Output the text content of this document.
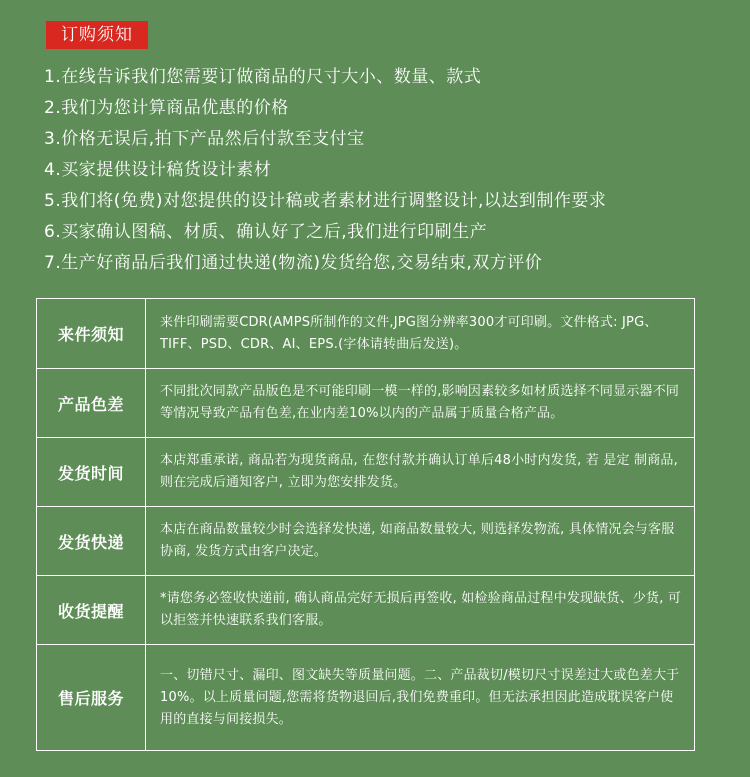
订购须知
1.在线告诉我们您需要订做商品的尺寸大小、数量、款式
2.我们为您计算商品优惠的价格
3.价格无误后,拍下产品然后付款至支付宝
4.买家提供设计稿货设计素材
5.我们将(免费)对您提供的设计稿或者素材进行调整设计,以达到制作要求
6.买家确认图稿、材质、确认好了之后,我们进行印刷生产
7.生产好商品后我们通过快递(物流)发货给您,交易结束,双方评价
来件须知	来件印刷需要CDR(AMPS所制作的文件,JPG图分辨率300才可印刷。文件格式: JPG、TIFF、PSD、CDR、AI、EPS.(字体请转曲后发送)。
产品色差	不同批次同款产品版色是不可能印刷一模一样的,影响因素较多如材质选择不同显示器不同等情况导致产品有色差,在业内差10%以内的产品属于质量合格产品。
发货时间	本店郑重承诺, 商品若为现货商品, 在您付款并确认订单后48小时内发货, 若 是定 制商品, 则在完成后通知客户, 立即为您安排发货。
发货快递	本店在商品数量较少时会选择发快递, 如商品数量较大, 则选择发物流, 具体情况会与客服协商, 发货方式由客户决定。
收货提醒	*请您务必签收快递前, 确认商品完好无损后再签收, 如检验商品过程中发现缺货、少货, 可以拒签并快速联系我们客服。
售后服务	一、切错尺寸、漏印、图文缺失等质量问题。二、产品裁切/模切尺寸误差过大或色差大于10%。以上质量问题,您需将货物退回后,我们免费重印。但无法承担因此造成耽误客户使用的直接与间接损失。
